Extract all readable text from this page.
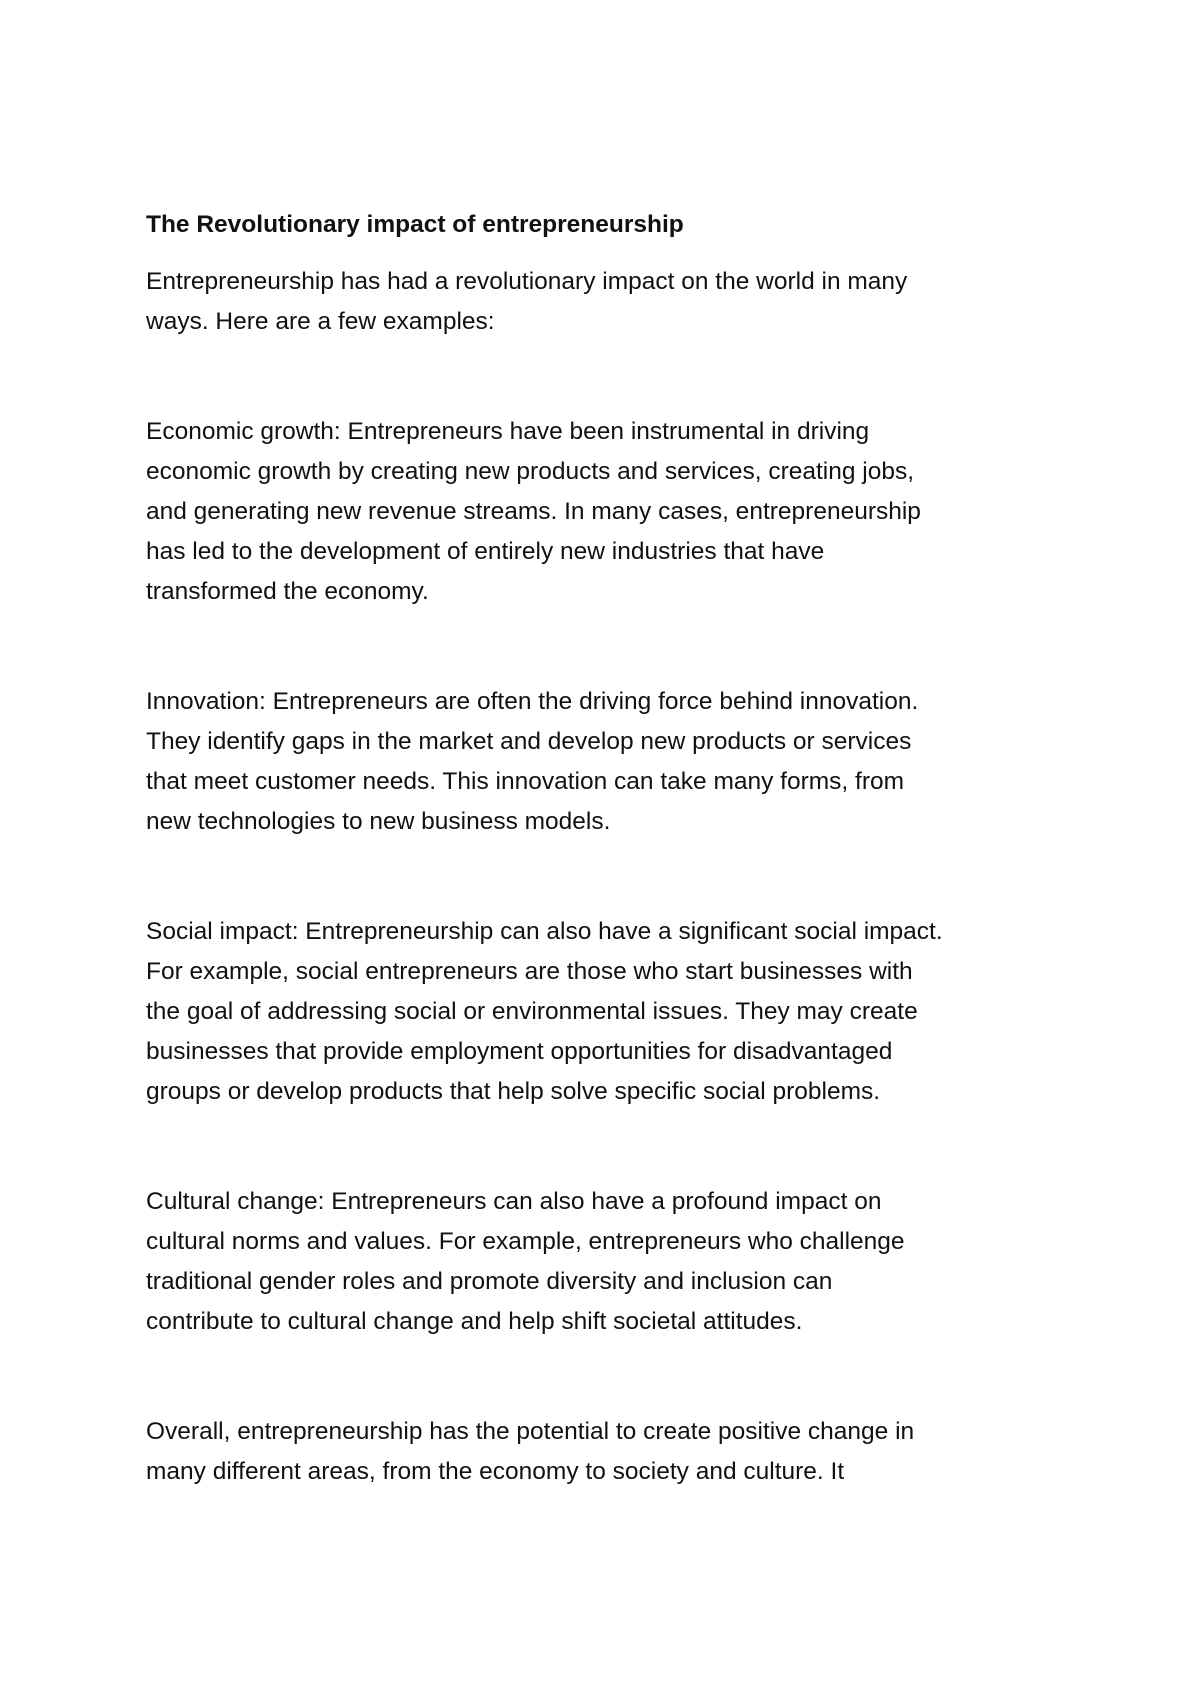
The Revolutionary impact of entrepreneurship

Entrepreneurship has had a revolutionary impact on the world in many
ways. Here are a few examples:

Economic growth: Entrepreneurs have been instrumental in driving
economic growth by creating new products and services, creating jobs,
and generating new revenue streams. In many cases, entrepreneurship
has led to the development of entirely new industries that have
transformed the economy.

Innovation: Entrepreneurs are often the driving force behind innovation.
They identify gaps in the market and develop new products or services
that meet customer needs. This innovation can take many forms, from
new technologies to new business models.

Social impact: Entrepreneurship can also have a significant social impact.
For example, social entrepreneurs are those who start businesses with
the goal of addressing social or environmental issues. They may create
businesses that provide employment opportunities for disadvantaged
groups or develop products that help solve specific social problems.

Cultural change: Entrepreneurs can also have a profound impact on
cultural norms and values. For example, entrepreneurs who challenge
traditional gender roles and promote diversity and inclusion can
contribute to cultural change and help shift societal attitudes.

Overall, entrepreneurship has the potential to create positive change in
many different areas, from the economy to society and culture. It
